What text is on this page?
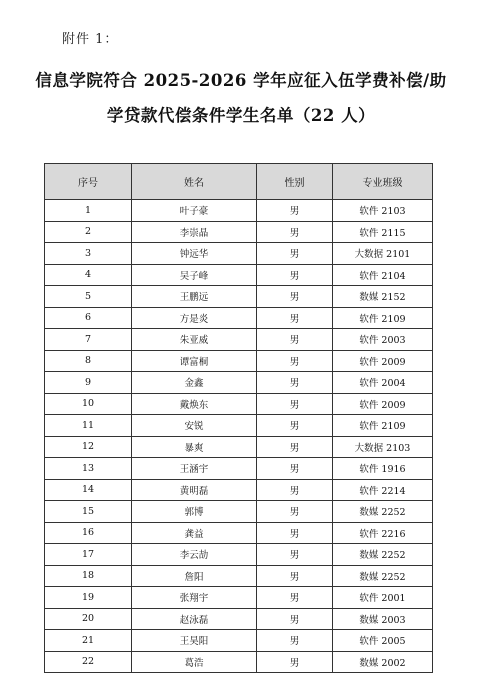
附件 1：
信息学院符合 2025-2026 学年应征入伍学费补偿/助
学贷款代偿条件学生名单（22 人）
序号	姓名	性别	专业班级
1	叶子豪	男	软件 2103
2	李崇晶	男	软件 2115
3	钟远华	男	大数据 2101
4	吴子峰	男	软件 2104
5	王鹏远	男	数媒 2152
6	方是炎	男	软件 2109
7	朱亚威	男	软件 2003
8	谭富桐	男	软件 2009
9	金鑫	男	软件 2004
10	戴焕东	男	软件 2009
11	安锐	男	软件 2109
12	暴爽	男	大数据 2103
13	王涵宇	男	软件 1916
14	黄明磊	男	软件 2214
15	郭博	男	数媒 2252
16	龚益	男	软件 2216
17	李云劼	男	数媒 2252
18	詹阳	男	数媒 2252
19	张翔宇	男	软件 2001
20	赵泳磊	男	数媒 2003
21	王昊阳	男	软件 2005
22	葛浩	男	数媒 2002
